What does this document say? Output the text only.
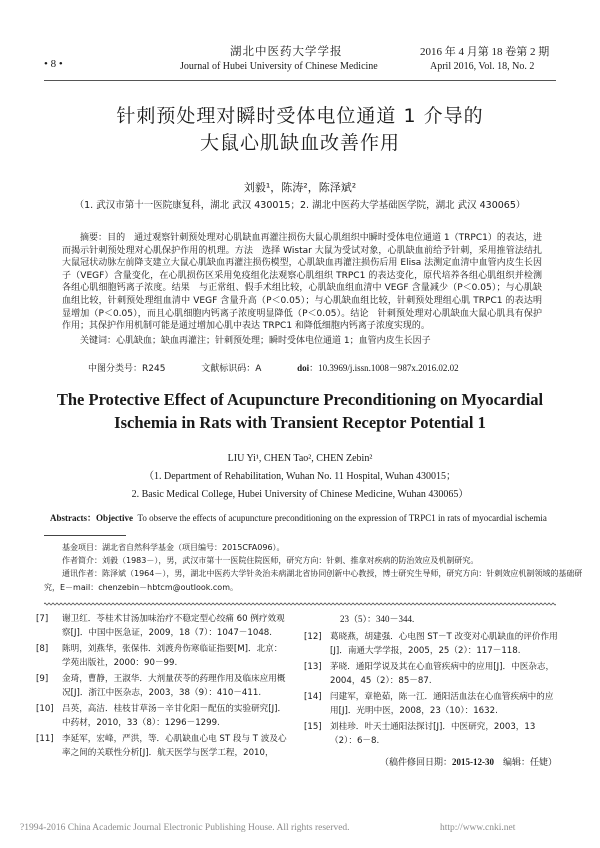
• 8 •
湖北中医药大学学报
Journal of Hubei University of Chinese Medicine
2016 年 4 月第 18 卷第 2 期
April 2016, Vol. 18, No. 2
针刺预处理对瞬时受体电位通道 1 介导的
大鼠心肌缺血改善作用
刘毅¹，陈涛²，陈泽斌²
（1. 武汉市第十一医院康复科，湖北 武汉 430015；2. 湖北中医药大学基础医学院，湖北 武汉 430065）
摘要：目的　通过观察针刺预处理对心肌缺血再灌注损伤大鼠心肌组织中瞬时受体电位通道 1（TRPC1）的表达，进而揭示针刺预处理对心肌保护作用的机理。方法　选择 Wistar 大鼠为受试对象，心肌缺血前给予针刺，采用推管法结扎大鼠冠状动脉左前降支建立大鼠心肌缺血再灌注损伤模型，心肌缺血再灌注损伤后用 Elisa 法测定血清中血管内皮生长因子（VEGF）含量变化，在心肌损伤区采用免疫组化法观察心肌组织 TRPC1 的表达变化，原代培养各组心肌组织并检测各组心肌细胞钙离子浓度。结果　与正常组、假手术组比较，心肌缺血组血清中 VEGF 含量减少（P＜0.05）；与心肌缺血组比较，针刺预处理组血清中 VEGF 含量升高（P＜0.05）；与心肌缺血组比较，针刺预处理组心肌 TRPC1 的表达明显增加（P＜0.05），而且心肌细胞内钙离子浓度明显降低（P＜0.05）。结论　针刺预处理对心肌缺血大鼠心肌具有保护作用；其保护作用机制可能是通过增加心肌中表达 TRPC1 和降低细胞内钙离子浓度实现的。
关键词：心肌缺血；缺血再灌注；针刺预处理；瞬时受体电位通道 1；血管内皮生长因子
中图分类号：R245	文献标识码：A	doi：10.3969/j.issn.1008－987x.2016.02.02
The Protective Effect of Acupuncture Preconditioning on Myocardial
Ischemia in Rats with Transient Receptor Potential 1
LIU Yi¹, CHEN Tao², CHEN Zebin²
（1. Department of Rehabilitation, Wuhan No. 11 Hospital, Wuhan 430015；
2. Basic Medical College, Hubei University of Chinese Medicine, Wuhan 430065）
Abstracts：Objective To observe the effects of acupuncture preconditioning on the expression of TRPC1 in rats of myocardial ischemia
基金项目：湖北省自然科学基金（项目编号：2015CFA096）。
作者简介：刘毅（1983－），男，武汉市第十一医院住院医师，研究方向：针刺、推拿对疾病的防治效应及机制研究。
通讯作者：陈泽斌（1964－），男，湖北中医药大学针灸治未病湖北省协同创新中心教授，博士研究生导师，研究方向：针刺效应机制领域的基础研
究，E－mail：chenzebin－hbtcm@outlook.com。
[7] 谢卫红．苓桂术甘汤加味治疗不稳定型心绞痛 60 例疗效观察[J]．中国中医急证，2009，18（7）：1047－1048.
[8] 陈明，刘燕华，张保伟．刘渡舟伤寒临证指要[M]．北京：学苑出版社，2000：90－99.
[9] 金琦，曹静，王淑华．大剂量茯苓的药理作用及临床应用概况[J]．浙江中医杂志，2003，38（9）：410－411.
[10] 吕英，高洁．桂枝甘草汤－辛甘化阳－配伍的实验研究[J]．中药材，2010，33（8）：1296－1299.
[11] 李延军，宏峰，严洪，等．心肌缺血心电 ST 段与 T 波及心率之间的关联性分析[J]．航天医学与医学工程，2010，
23（5）：340－344.
[12] 葛晓燕，胡建强．心电图 ST－T 改变对心肌缺血的评价作用[J]．南通大学学报，2005，25（2）：117－118.
[13] 茅晓．通阳学说及其在心血管疾病中的应用[J]．中医杂志，2004，45（2）：85－87.
[14] 闫建军，章艳茹，陈一江．通阳活血法在心血管疾病中的应用[J]．光明中医，2008，23（10）：1632.
[15] 刘桂珍．叶天士通阳法探讨[J]．中医研究，2003，13（2）：6－8.
（稿件修回日期：2015-12-30　编辑：任婕）
?1994-2016 China Academic Journal Electronic Publishing House. All rights reserved.	http://www.cnki.net
